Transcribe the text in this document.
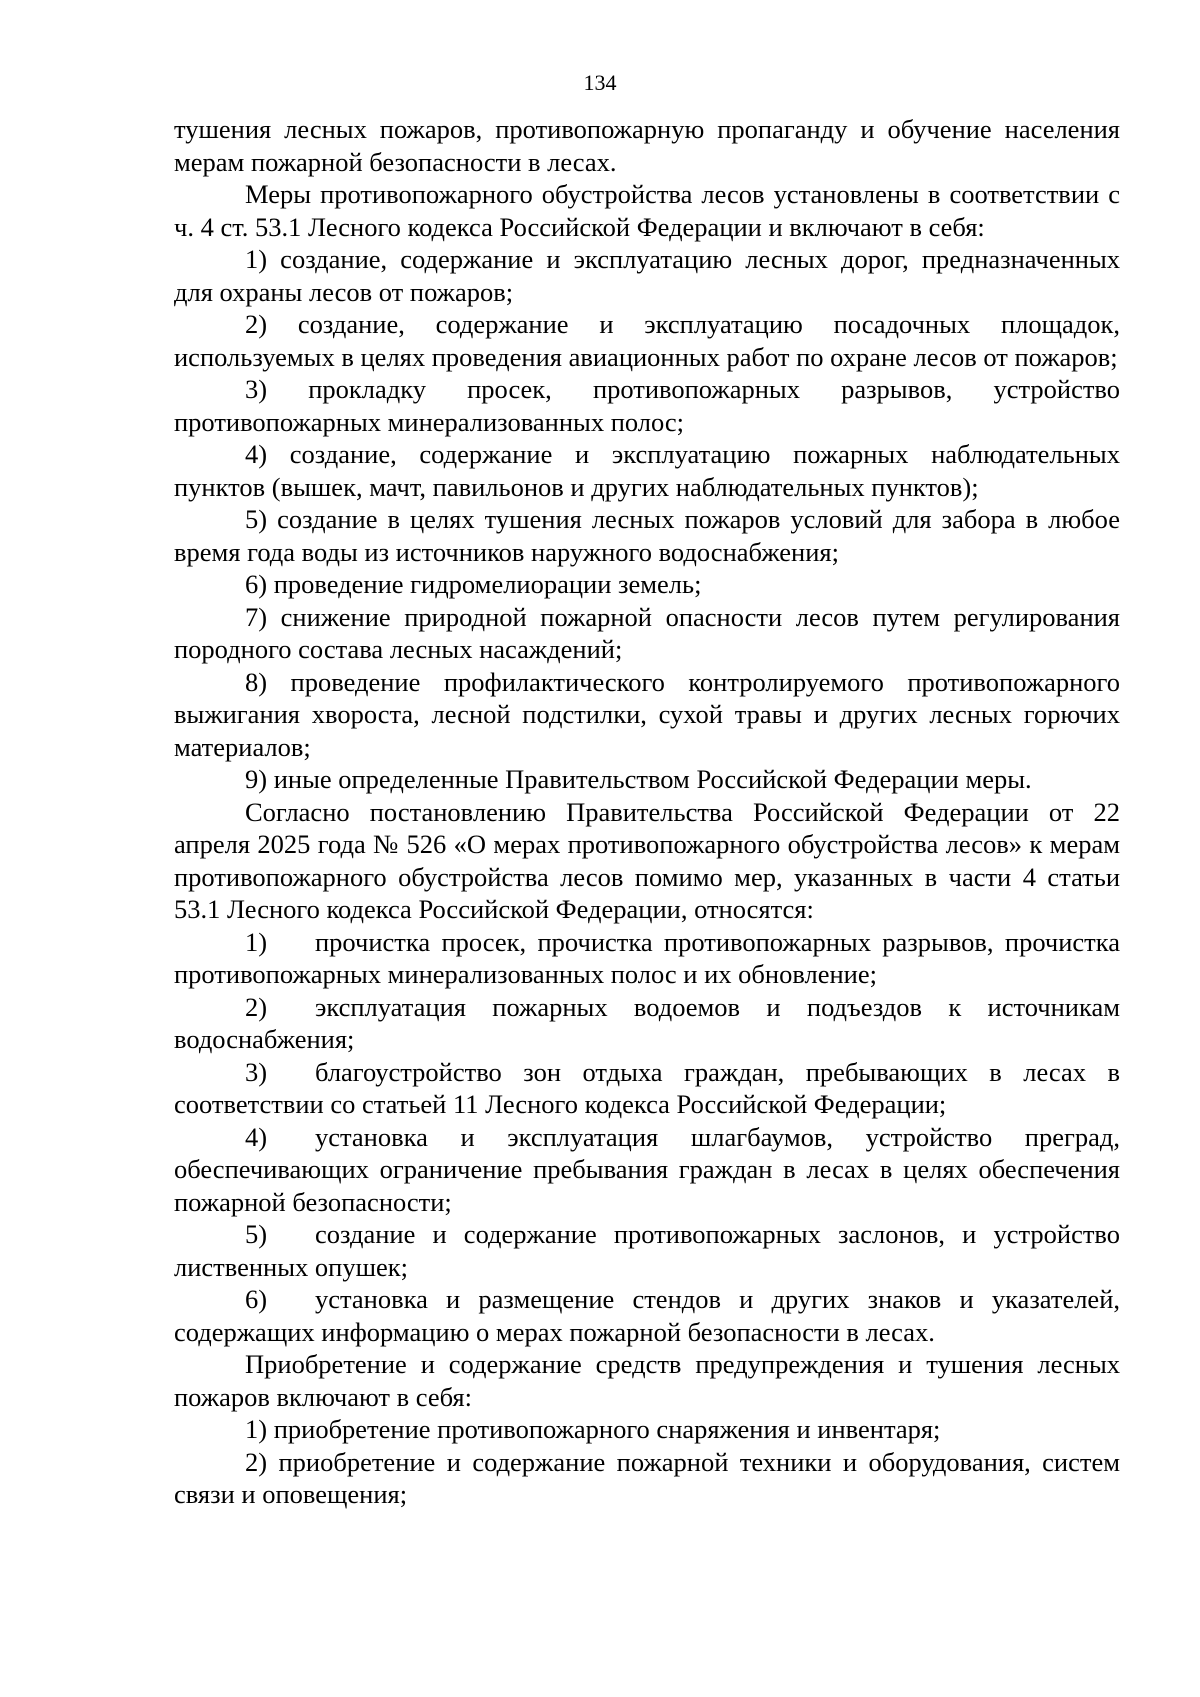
134

тушения лесных пожаров, противопожарную пропаганду и обучение населения мерам пожарной безопасности в лесах.

Меры противопожарного обустройства лесов установлены в соответствии с ч. 4 ст. 53.1 Лесного кодекса Российской Федерации и включают в себя:

1) создание, содержание и эксплуатацию лесных дорог, предназначенных для охраны лесов от пожаров;

2) создание, содержание и эксплуатацию посадочных площадок, используемых в целях проведения авиационных работ по охране лесов от пожаров;

3) прокладку просек, противопожарных разрывов, устройство противопожарных минерализованных полос;

4) создание, содержание и эксплуатацию пожарных наблюдательных пунктов (вышек, мачт, павильонов и других наблюдательных пунктов);

5) создание в целях тушения лесных пожаров условий для забора в любое время года воды из источников наружного водоснабжения;

6) проведение гидромелиорации земель;

7) снижение природной пожарной опасности лесов путем регулирования породного состава лесных насаждений;

8) проведение профилактического контролируемого противопожарного выжигания хвороста, лесной подстилки, сухой травы и других лесных горючих материалов;

9) иные определенные Правительством Российской Федерации меры.

Согласно постановлению Правительства Российской Федерации от 22 апреля 2025 года № 526 «О мерах противопожарного обустройства лесов» к мерам противопожарного обустройства лесов помимо мер, указанных в части 4 статьи 53.1 Лесного кодекса Российской Федерации, относятся:

1) прочистка просек, прочистка противопожарных разрывов, прочистка противопожарных минерализованных полос и их обновление;

2) эксплуатация пожарных водоемов и подъездов к источникам водоснабжения;

3) благоустройство зон отдыха граждан, пребывающих в лесах в соответствии со статьей 11 Лесного кодекса Российской Федерации;

4) установка и эксплуатация шлагбаумов, устройство преград, обеспечивающих ограничение пребывания граждан в лесах в целях обеспечения пожарной безопасности;

5) создание и содержание противопожарных заслонов, и устройство лиственных опушек;

6) установка и размещение стендов и других знаков и указателей, содержащих информацию о мерах пожарной безопасности в лесах.

Приобретение и содержание средств предупреждения и тушения лесных пожаров включают в себя:

1) приобретение противопожарного снаряжения и инвентаря;

2) приобретение и содержание пожарной техники и оборудования, систем связи и оповещения;
